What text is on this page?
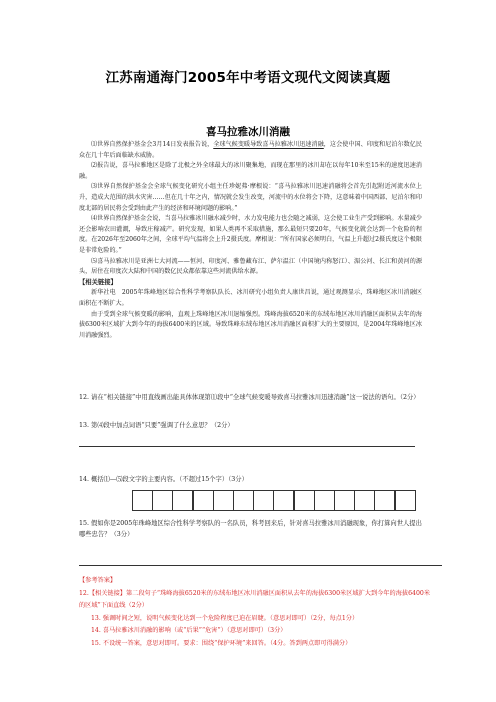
江苏南通海门2005年中考语文现代文阅读真题
喜马拉雅冰川消融

⑴世界自然保护基金会3月14日发表报告说，全球气候变暖导致喜马拉雅冰川迅速消融，这会使中国、印度和尼泊尔数亿民众在几十年后面临缺水威胁。

⑵报告说，喜马拉雅地区是除了北极之外全球最大的冰川聚集地，而现在那里的冰川却在以每年10米至15米的速度迅速消融。

⑶世界自然保护基金会全球气候变化研究小组主任珍妮弗·摩根说：“喜马拉雅冰川迅速消融将会首先引起附近河流水位上升，造成大范围的洪水灾害……但在几十年之内，情况就会发生改变，河流中的水位将会下降，这意味着中国西部、尼泊尔和印度北部的居民将会受到由此产生的经济和环境问题的影响。”

⑷世界自然保护基金会说，当喜马拉雅冰川融水减少时，水力发电能力也会随之减弱，这会使工业生产受到影响。水量减少还会影响农田灌溉，导致庄稼减产。研究发现，如果人类再不采取措施，那么最短只要20年，气候变化就会达到一个危险的程度。在2026年至2060年之间，全球平均气温将会上升2摄氏度。摩根说：“所有国家必须明白，气温上升超过2摄氏度这个极限是非常危险的。”

⑸喜马拉雅冰川是亚洲七大河流——恒河、印度河、雅鲁藏布江、萨尔温江（中国境内称怒江）、湄公河、长江和黄河的源头，居住在印度次大陆和中国的数亿民众都依靠这些河流供给水源。

【相关链接】

新华社电　2005年珠峰地区综合性科学考察队队长、冰川研究小组负责人康世昌说，通过观测显示，珠峰地区冰川消融区面积在不断扩大。

由于受到全球气候变暖的影响，直观上珠峰地区冰川退缩强烈。珠峰海拔6520米的东绒布地区冰川消融区面积从去年的海拔6300米区域扩大到今年的海拔6400米的区域。导致珠峰东绒布地区冰川消融区面积扩大的主要原因，是2004年珠峰地区冰川消融强烈。

12. 请在“相关链接”中用直线画出能具体体现第⑴段中“全球气候变暖导致喜马拉雅冰川迅速消融”这一说法的语句。（2分）
13. 第⑷段中加点词语“只要”强调了什么意思？（2分）
14. 概括⑴—⑸段文字的主要内容。（不超过15个字）（3分）
15. 假如你是2005年珠峰地区综合性科学考察队的一名队员，科考回来后，针对喜马拉雅冰川消融现象，你打算向世人提出哪些忠告？（3分）

【参考答案】

12.【相关链接】第二段句子“珠峰海拔6520米的东绒布地区冰川消融区面积从去年的海拔6300米区域扩大到今年的海拔6400米的区域”下面直线（2分）

13. 强调时间之短，说明气候变化达到一个危险程度已迫在眉睫。（意思对即可）（2分，每点1分）

14. 喜马拉雅冰川消融的影响（或“后果”“危害”）（意思对即可）（3分）

15. 不设统一答案，意思对即可。要求：围绕“保护环境”来回答。（4分。答到两点即可得满分）
